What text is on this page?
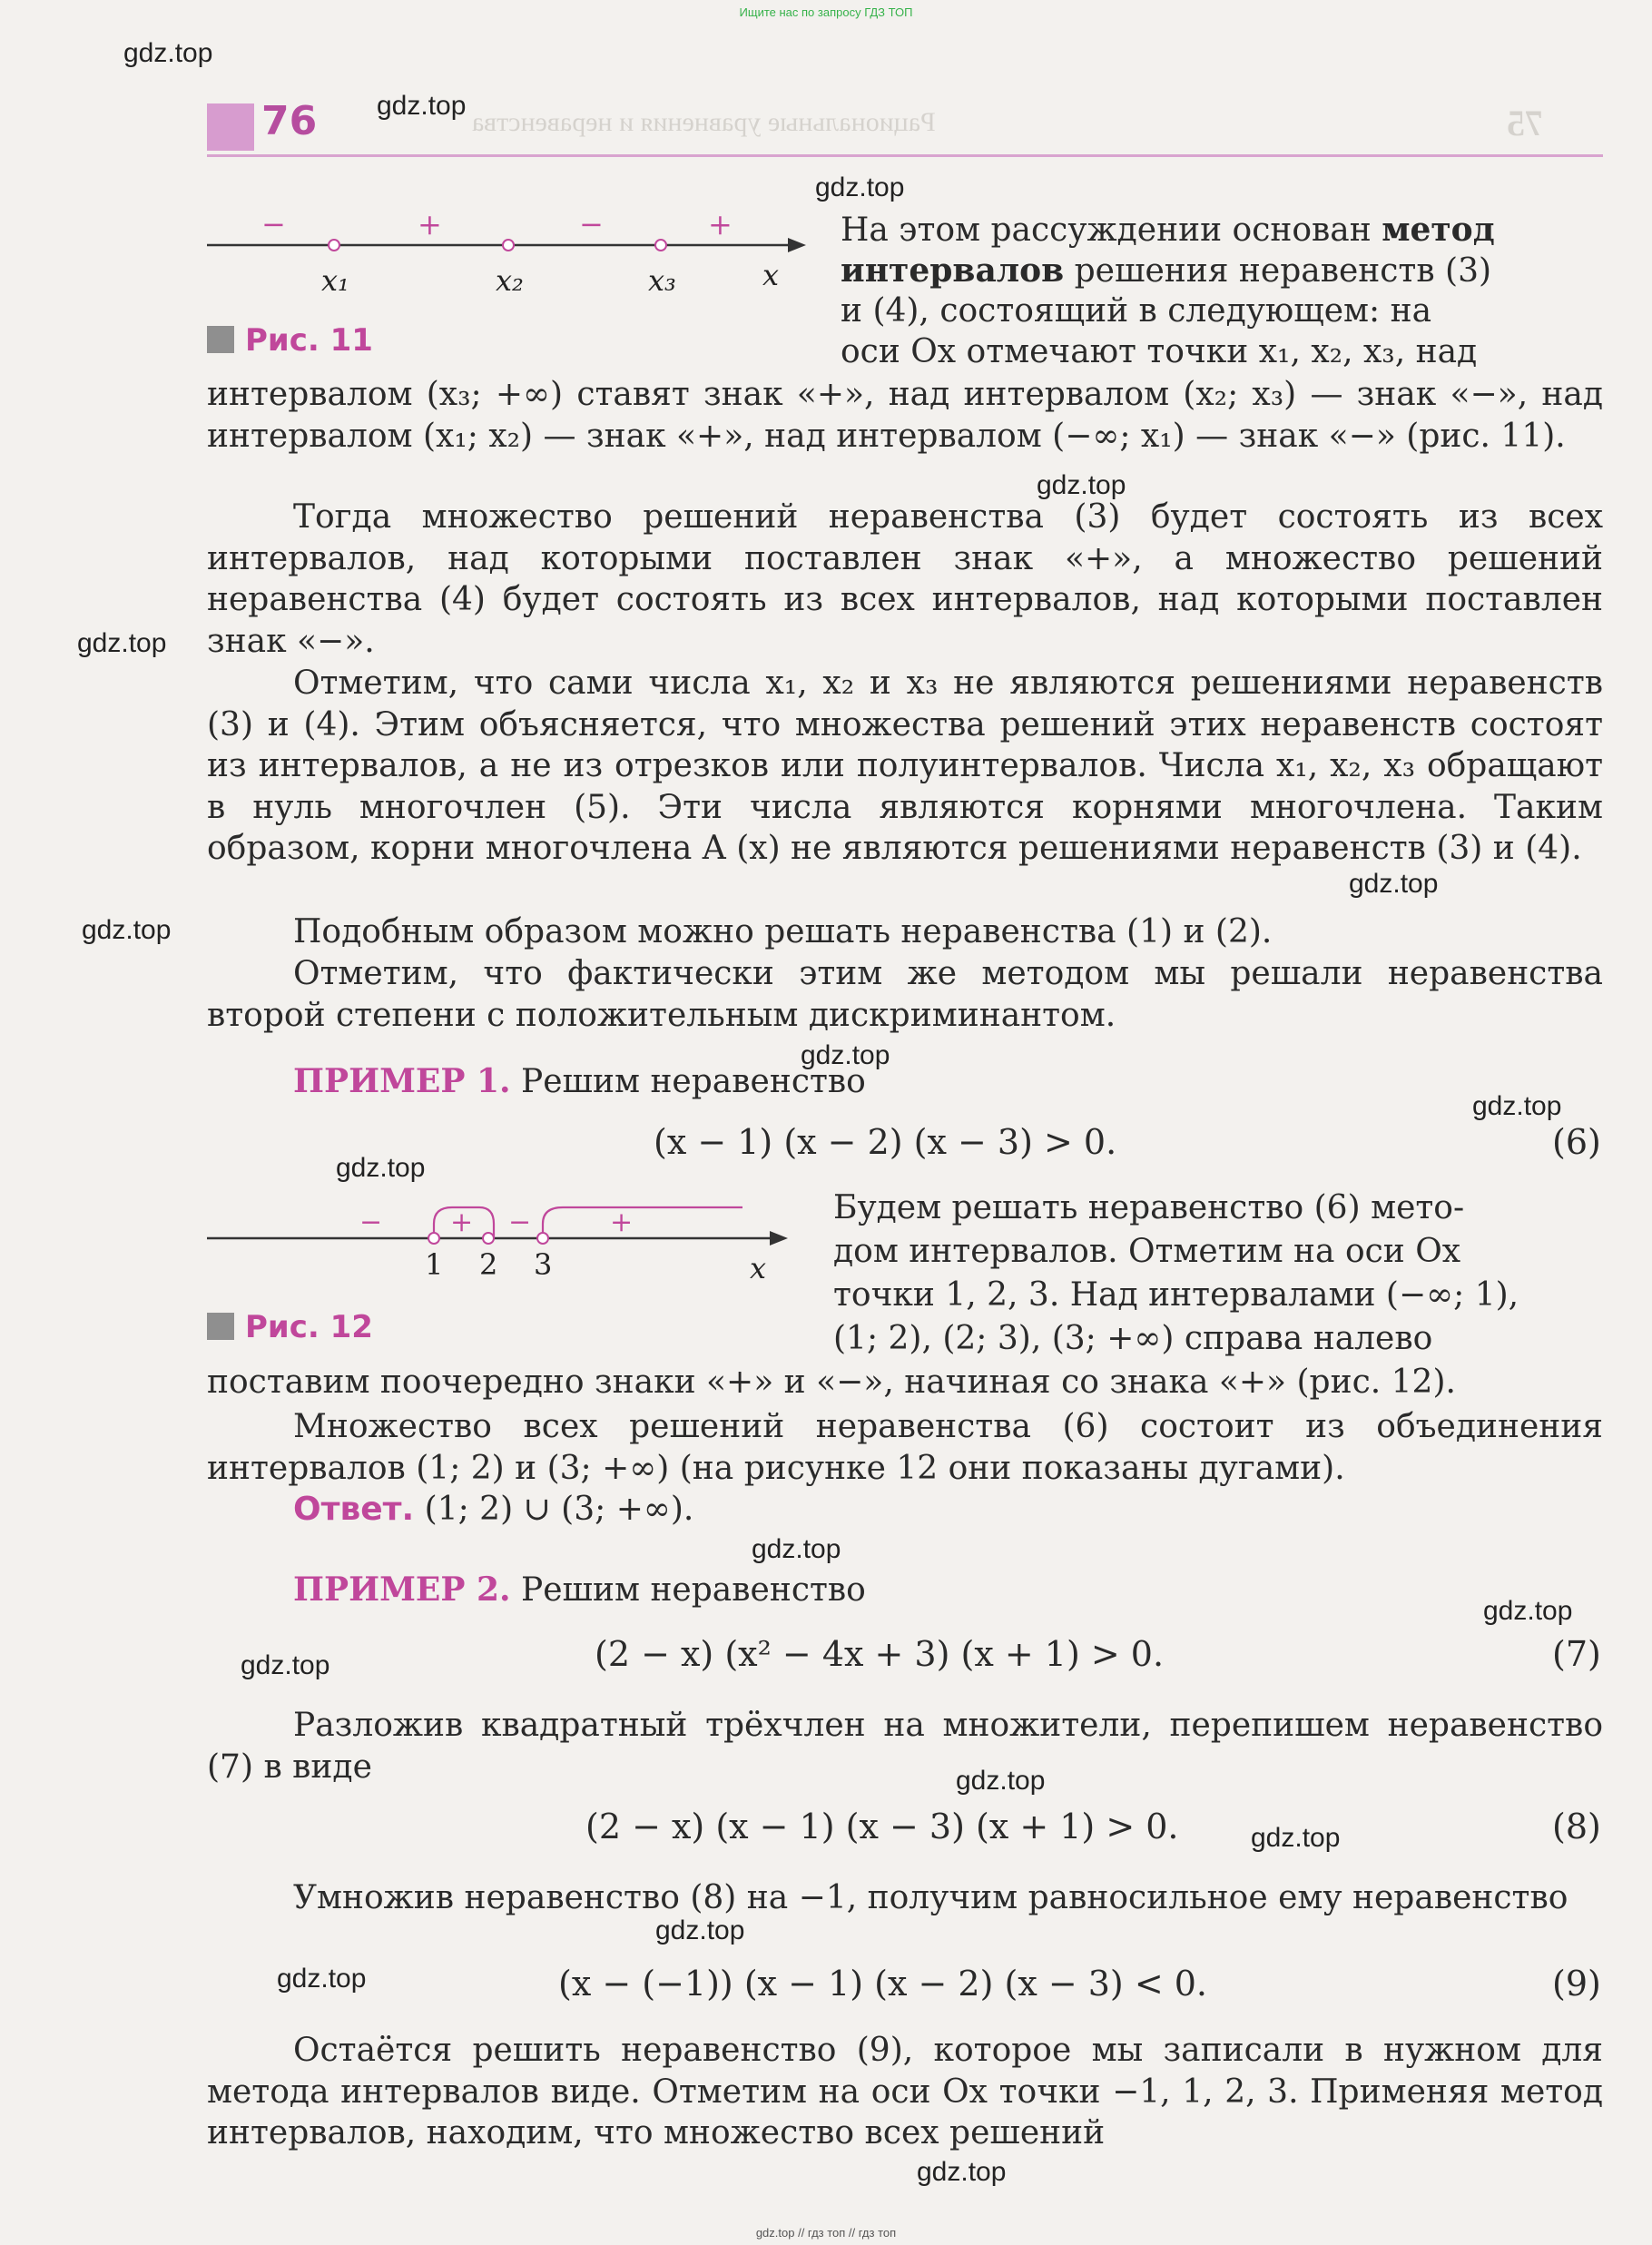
Ищите нас по запросу ГДЗ ТОП
75
Рациональные уравнения и неравенства
76
gdz.top
gdz.top
gdz.top
gdz.top
gdz.top
gdz.top
gdz.top
gdz.top
gdz.top
gdz.top
gdz.top
gdz.top
gdz.top
gdz.top
gdz.top
gdz.top
gdz.top
gdz.top
−	+	−	+
x₁	x₂	x₃	x
Рис. 11
На этом рассуждении основан метод
интервалов решения неравенств (3)
и (4), состоящий в следующем: на
оси Ox отмечают точки x₁, x₂, x₃, над
интервалом (x₃; +∞) ставят знак «+», над интервалом (x₂; x₃) — знак «−», над интервалом (x₁; x₂) — знак «+», над интервалом (−∞; x₁) — знак «−» (рис. 11).
Тогда множество решений неравенства (3) будет состоять из всех интервалов, над которыми поставлен знак «+», а множество решений неравенства (4) будет состоять из всех интервалов, над которыми поставлен знак «−».
Отметим, что сами числа x₁, x₂ и x₃ не являются решениями неравенств (3) и (4). Этим объясняется, что множества решений этих неравенств состоят из интервалов, а не из отрезков или полуинтервалов. Числа x₁, x₂, x₃ обращают в нуль многочлен (5). Эти числа являются корнями многочлена. Таким образом, корни многочлена A (x) не являются решениями неравенств (3) и (4).
Подобным образом можно решать неравенства (1) и (2).
Отметим, что фактически этим же методом мы решали неравенства второй степени с положительным дискриминантом.
ПРИМЕР 1. Решим неравенство
(x − 1) (x − 2) (x − 3) > 0.	(6)
− + −	+
1 2 3	x
Рис. 12
Будем решать неравенство (6) мето-
дом интервалов. Отметим на оси Ox
точки 1, 2, 3. Над интервалами (−∞; 1),
(1; 2), (2; 3), (3; +∞) справа налево
поставим поочередно знаки «+» и «−», начиная со знака «+» (рис. 12).
Множество всех решений неравенства (6) состоит из объединения интервалов (1; 2) и (3; +∞) (на рисунке 12 они показаны дугами).
Ответ. (1; 2) ∪ (3; +∞).
ПРИМЕР 2. Решим неравенство
(2 − x) (x² − 4x + 3) (x + 1) > 0.	(7)
Разложив квадратный трёхчлен на множители, перепишем неравенство (7) в виде
(2 − x) (x − 1) (x − 3) (x + 1) > 0.	(8)
Умножив неравенство (8) на −1, получим равносильное ему неравенство
(x − (−1)) (x − 1) (x − 2) (x − 3) < 0.	(9)
Остаётся решить неравенство (9), которое мы записали в нужном для метода интервалов виде. Отметим на оси Ox точки −1, 1, 2, 3. Применяя метод интервалов, находим, что множество всех решений
gdz.top // гдз топ // гдз топ
